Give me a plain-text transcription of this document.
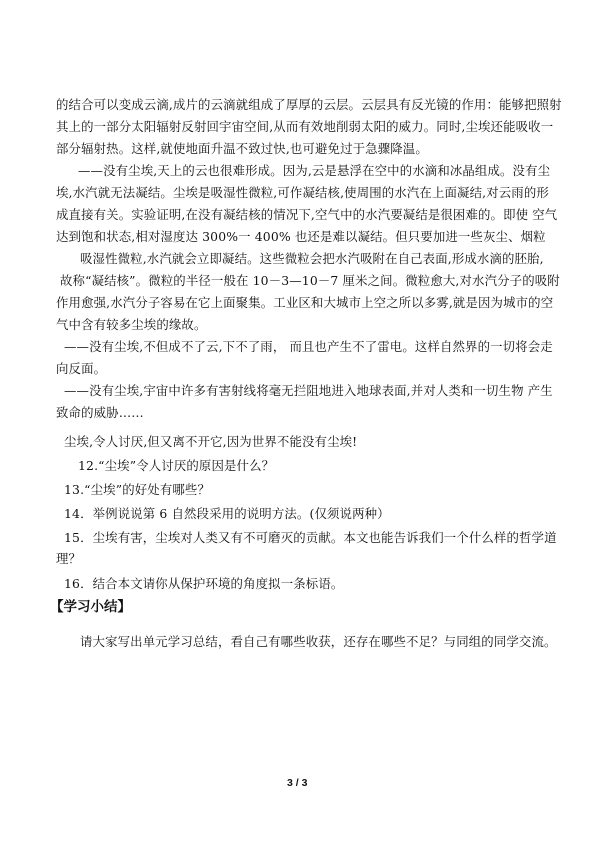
的结合可以变成云滴,成片的云滴就组成了厚厚的云层。云层具有反光镜的作用：能够把照射
其上的一部分太阳辐射反射回宇宙空间,从而有效地削弱太阳的威力。同时,尘埃还能吸收一
部分辐射热。这样,就使地面升温不致过快,也可避免过于急骤降温。
——没有尘埃,天上的云也很难形成。因为,云是悬浮在空中的水滴和冰晶组成。没有尘
埃,水汽就无法凝结。尘埃是吸湿性微粒,可作凝结核,使周围的水汽在上面凝结,对云雨的形
成直接有关。实验证明,在没有凝结核的情况下,空气中的水汽要凝结是很困难的。即使 空气
达到饱和状态,相对湿度达 300%一 400% 也还是难以凝结。但只要加进一些灰尘、烟粒
吸湿性微粒,水汽就会立即凝结。这些微粒会把水汽吸附在自己表面,形成水滴的胚胎,
故称“凝结核”。微粒的半径一般在 10－3—10－7 厘米之间。微粒愈大,对水汽分子的吸附
作用愈强,水汽分子容易在它上面聚集。工业区和大城市上空之所以多雾,就是因为城市的空
气中含有较多尘埃的缘故。
——没有尘埃,不但成不了云,下不了雨， 而且也产生不了雷电。这样自然界的一切将会走
向反面。
——没有尘埃,宇宙中许多有害射线将毫无拦阻地进入地球表面,并对人类和一切生物 产生
致命的威胁……
尘埃,令人讨厌,但又离不开它,因为世界不能没有尘埃!
12.“尘埃”令人讨厌的原因是什么？
13.“尘埃”的好处有哪些？
14．举例说说第 6 自然段采用的说明方法。(仅须说两种）
15．尘埃有害，尘埃对人类又有不可磨灭的贡献。本文也能告诉我们一个什么样的哲学道
理？
16．结合本文请你从保护环境的角度拟一条标语。
【学习小结】
请大家写出单元学习总结，看自己有哪些收获，还存在哪些不足？与同组的同学交流。
3 / 3
